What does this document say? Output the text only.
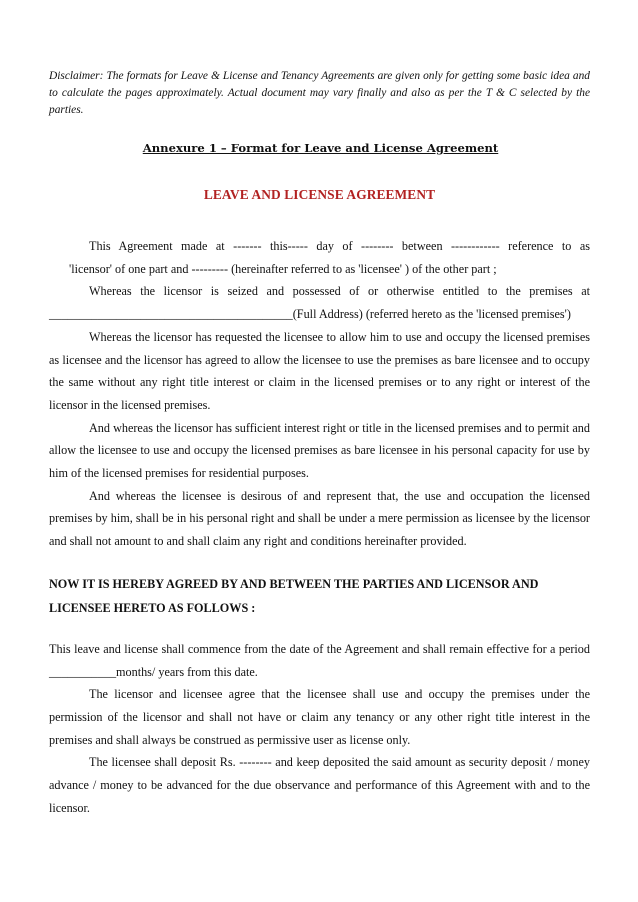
Disclaimer: The formats for Leave & License and Tenancy Agreements are given only for getting some basic idea and to calculate the pages approximately. Actual document may vary finally and also as per the T & C selected by the parties.

Annexure 1 – Format for Leave and License Agreement

LEAVE AND LICENSE AGREEMENT

This Agreement made at ------- this----- day of -------- between ------------ reference to as
'licensor' of one part and --------- (hereinafter referred to as 'licensee' ) of the other part ;

Whereas the licensor is seized and possessed of or otherwise entitled to the premises at ________________________________________(Full Address) (referred hereto as the 'licensed premises')

Whereas the licensor has requested the licensee to allow him to use and occupy the licensed premises as licensee and the licensor has agreed to allow the licensee to use the premises as bare licensee and to occupy the same without any right title interest or claim in the licensed premises or to any right or interest of the licensor in the licensed premises.

And whereas the licensor has sufficient interest right or title in the licensed premises and to permit and allow the licensee to use and occupy the licensed premises as bare licensee in his personal capacity for use by him of the licensed premises for residential purposes.

And whereas the licensee is desirous of and represent that, the use and occupation the licensed premises by him, shall be in his personal right and shall be under a mere permission as licensee by the licensor and shall not amount to and shall claim any right and conditions hereinafter provided.

NOW IT IS HEREBY AGREED BY AND BETWEEN THE PARTIES AND LICENSOR AND LICENSEE HERETO AS FOLLOWS :

This leave and license shall commence from the date of the Agreement and shall remain effective for a period ___________months/ years from this date.

The licensor and licensee agree that the licensee shall use and occupy the premises under the permission of the licensor and shall not have or claim any tenancy or any other right title interest in the premises and shall always be construed as permissive user as license only.

The licensee shall deposit Rs. -------- and keep deposited the said amount as security deposit / money advance / money to be advanced for the due observance and performance of this Agreement with and to the licensor.
